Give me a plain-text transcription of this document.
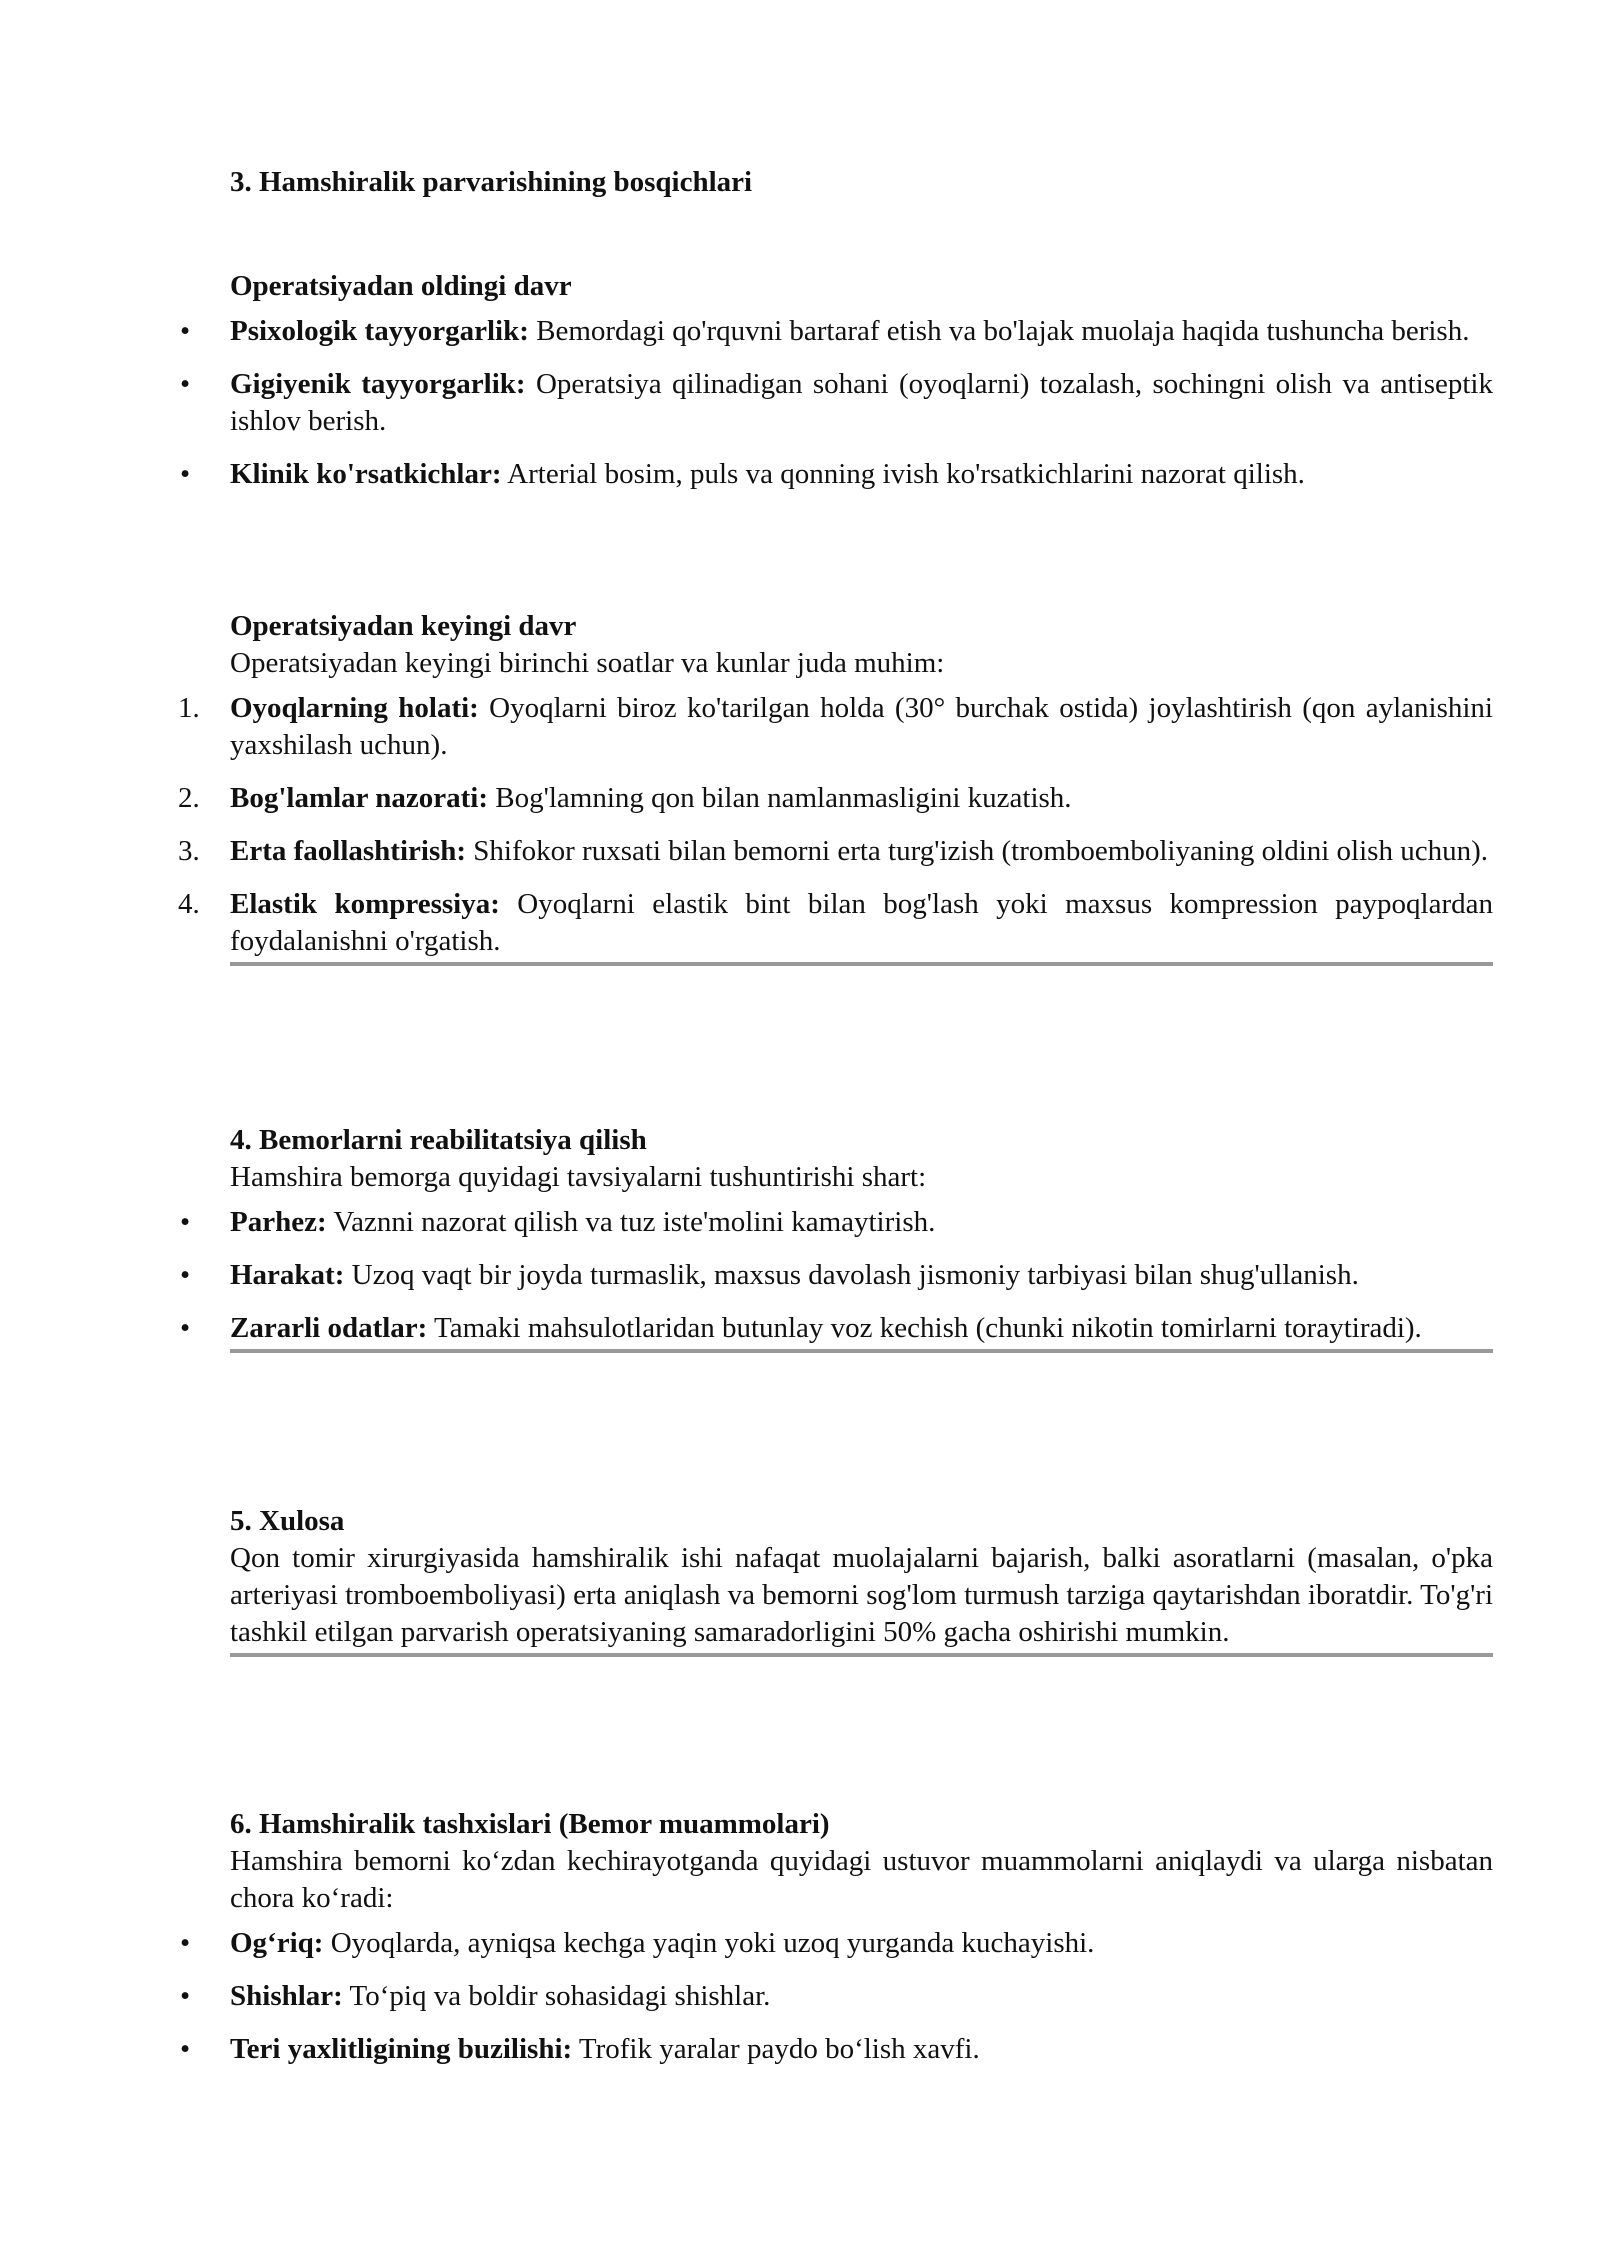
3. Hamshiralik parvarishining bosqichlari

Operatsiyadan oldingi davr

• Psixologik tayyorgarlik: Bemordagi qo'rquvni bartaraf etish va bo'lajak muolaja haqida tushuncha berish.
• Gigiyenik tayyorgarlik: Operatsiya qilinadigan sohani (oyoqlarni) tozalash, sochingni olish va antiseptik ishlov berish.
• Klinik ko'rsatkichlar: Arterial bosim, puls va qonning ivish ko'rsatkichlarini nazorat qilish.

Operatsiyadan keyingi davr

Operatsiyadan keyingi birinchi soatlar va kunlar juda muhim:

1. Oyoqlarning holati: Oyoqlarni biroz ko'tarilgan holda (30° burchak ostida) joylashtirish (qon aylanishini yaxshilash uchun).
2. Bog'lamlar nazorati: Bog'lamning qon bilan namlanmasligini kuzatish.
3. Erta faollashtirish: Shifokor ruxsati bilan bemorni erta turg'izish (tromboemboliyaning oldini olish uchun).
4. Elastik kompressiya: Oyoqlarni elastik bint bilan bog'lash yoki maxsus kompression paypoqlardan foydalanishni o'rgatish.

4. Bemorlarni reabilitatsiya qilish

Hamshira bemorga quyidagi tavsiyalarni tushuntirishi shart:

• Parhez: Vaznni nazorat qilish va tuz iste'molini kamaytirish.
• Harakat: Uzoq vaqt bir joyda turmaslik, maxsus davolash jismoniy tarbiyasi bilan shug'ullanish.
• Zararli odatlar: Tamaki mahsulotlaridan butunlay voz kechish (chunki nikotin tomirlarni toraytiradi).

5. Xulosa

Qon tomir xirurgiyasida hamshiralik ishi nafaqat muolajalarni bajarish, balki asoratlarni (masalan, o'pka arteriyasi tromboemboliyasi) erta aniqlash va bemorni sog'lom turmush tarziga qaytarishdan iboratdir. To'g'ri tashkil etilgan parvarish operatsiyaning samaradorligini 50% gacha oshirishi mumkin.

6. Hamshiralik tashxislari (Bemor muammolari)

Hamshira bemorni koʻzdan kechirayotganda quyidagi ustuvor muammolarni aniqlaydi va ularga nisbatan chora koʻradi:

• Ogʻriq: Oyoqlarda, ayniqsa kechga yaqin yoki uzoq yurganda kuchayishi.
• Shishlar: Toʻpiq va boldir sohasidagi shishlar.
• Teri yaxlitligining buzilishi: Trofik yaralar paydo boʻlish xavfi.
